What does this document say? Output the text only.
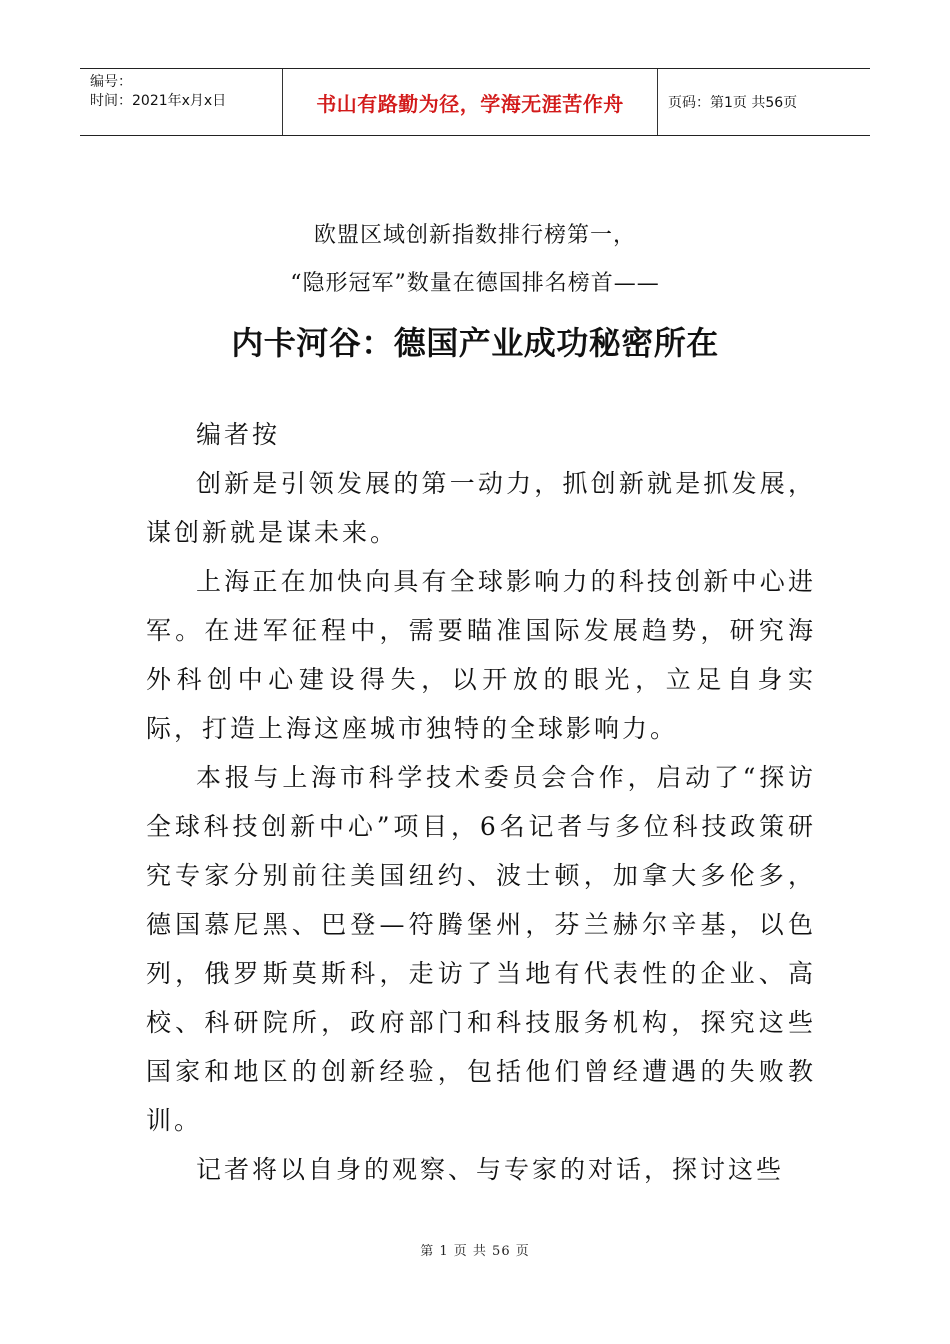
编号：
时间：2021年x月x日	书山有路勤为径，学海无涯苦作舟	页码：第1页 共56页
欧盟区域创新指数排行榜第一，
“隐形冠军”数量在德国排名榜首——
内卡河谷：德国产业成功秘密所在

编者按

创新是引领发展的第一动力，抓创新就是抓发展，谋创新就是谋未来。

上海正在加快向具有全球影响力的科技创新中心进军。在进军征程中，需要瞄准国际发展趋势，研究海外科创中心建设得失，以开放的眼光，立足自身实际，打造上海这座城市独特的全球影响力。

本报与上海市科学技术委员会合作，启动了“探访全球科技创新中心”项目，6名记者与多位科技政策研究专家分别前往美国纽约、波士顿，加拿大多伦多，德国慕尼黑、巴登—符腾堡州，芬兰赫尔辛基，以色列，俄罗斯莫斯科，走访了当地有代表性的企业、高校、科研院所，政府部门和科技服务机构，探究这些国家和地区的创新经验，包括他们曾经遭遇的失败教训。

记者将以自身的观察、与专家的对话，探讨这些

第 1 页 共 56 页
